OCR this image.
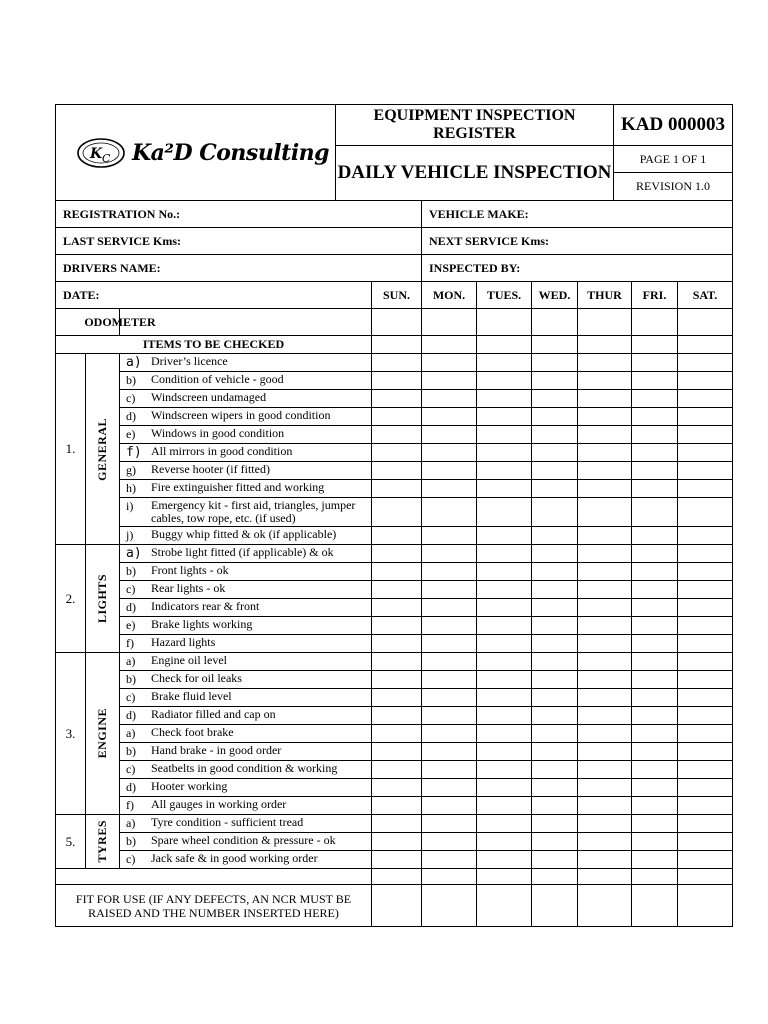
K C Ka²D Consulting	EQUIPMENT INSPECTION REGISTER	KAD 000003
	DAILY VEHICLE INSPECTION	PAGE 1 OF 1
		REVISION 1.0
REGISTRATION No.:	VEHICLE MAKE:
LAST SERVICE Kms:	NEXT SERVICE Kms:
DRIVERS NAME:	INSPECTED BY:
DATE:			SUN.	MON.	TUES.	WED.	THUR	FRI.	SAT.
ODOMETER									
ITEMS TO BE CHECKED									
1.	GENERAL	a) Driver’s licence							

		b) Condition of vehicle - good							

		c) Windscreen undamaged							

		d) Windscreen wipers in good condition							

		e) Windows in good condition							

		f) All mirrors in good condition							

		g) Reverse hooter (if fitted)							

		h) Fire extinguisher fitted and working							

		i) Emergency kit - first aid, triangles, jumper cables, tow rope, etc. (if used)							

		j) Buggy whip fitted & ok (if applicable)							

2.	LIGHTS	a) Strobe light fitted (if applicable) & ok							

		b) Front lights - ok							

		c) Rear lights - ok							

		d) Indicators rear & front							

		e) Brake lights working							

		f) Hazard lights							

3.	ENGINE	a) Engine oil level							

		b) Check for oil leaks							

		c) Brake fluid level							

		d) Radiator filled and cap on							

		a) Check foot brake							

		b) Hand brake - in good order							

		c) Seatbelts in good condition & working							

		d) Hooter working							

		f) All gauges in working order							

5.	TYRES	a) Tyre condition - sufficient tread							

		b) Spare wheel condition & pressure - ok							

		c) Jack safe & in good working order							

FIT FOR USE (IF ANY DEFECTS, AN NCR MUST BE RAISED AND THE NUMBER INSERTED HERE)									
